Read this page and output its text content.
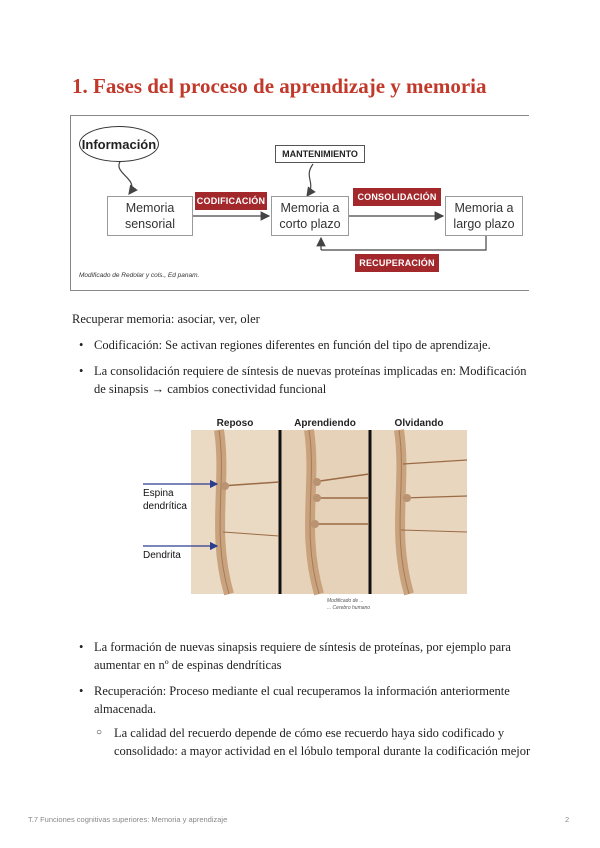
1. Fases del proceso de aprendizaje y memoria
Información
MANTENIMIENTO
Memoria
sensorial
CODIFICACIÓN Memoria a
corto plazo
CONSOLIDACIÓN
Memoria a
largo plazo
RECUPERACIÓN
Modificado de Redolar y cols., Ed panam.

Recuperar memoria: asociar, ver, oler

• Codificación: Se activan regiones diferentes en función del tipo de aprendizaje.
• La consolidación requiere de síntesis de nuevas proteínas implicadas en: Modificación de sinapsis → cambios conectividad funcional
Reposo	Aprendiendo	Olvidando
Espina
dendrítica
Dendrita
Modificado de ...
... Cerebro humano
• La formación de nuevas sinapsis requiere de síntesis de proteínas, por ejemplo para aumentar en nº de espinas dendríticas
• Recuperación: Proceso mediante el cual recuperamos la información anteriormente almacenada.
○ La calidad del recuerdo depende de cómo ese recuerdo haya sido codificado y consolidado: a mayor actividad en el lóbulo temporal durante la codificación mejor
T.7 Funciones cognitivas superiores: Memoria y aprendizaje	2
